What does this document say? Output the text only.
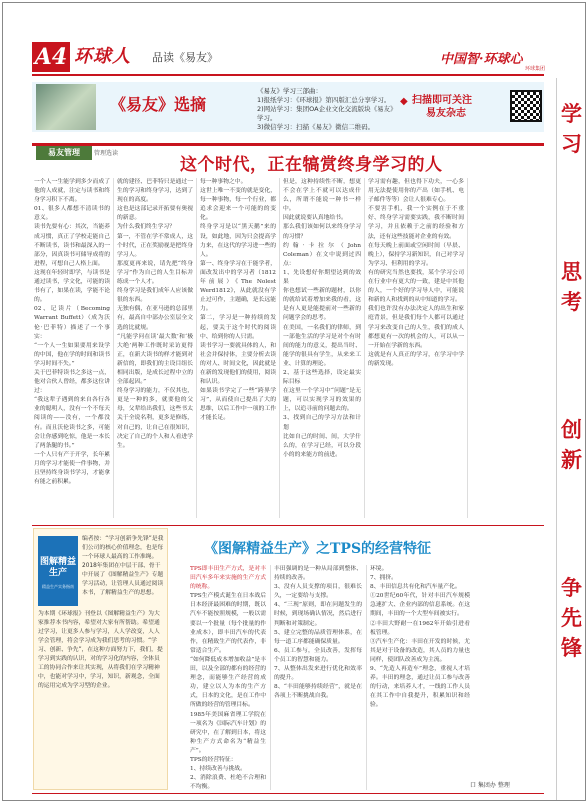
A4 环球人 品读《易友》	中国智·环球心
环球集团
学
习
思
考
创
新
争
先
锋
《易友》选摘
《易友》学习三部曲：
1)报纸学习：《环球报》第四版汇总分享学习。
2)网站学习：集团OA企业文化交流版块《易友》
学习。
3)微信学习：扫描《易友》微信二维码。
◆ 扫描即可关注
易友杂志
易友管理	管理选读
这个时代，正在犒赏终身学习的人
一个人一生能学到多少而成了他的人成就，注定与读书和终身学习积下不离。
01、很多人都想不清读书的意义。
读书先要有心：其次，当能养成习惯，真正了学校走能自己不断读书，读书和最深入的一部分，因真读书可储导成将的进程，可想自己人格上面。
这现在年轻时即学，与读书是通过读书，学文化，可能的读书有了，如果在读，学能不论的。
02、记读片（Becoming Warrant Buffett）（成为沃伦·巴菲特）描述了一个事实：
“一个人一生如果要用来设学的中国，他在学的时间和读书学习时间不失。”
关于巴菲特读书之多这一点，他对合伙人曾经，都多这位讲过：
“我这辈子遇到的来自各行各业的聪明人，没有一个不每天阅读的——没有，一个都没有。而且沃伦读书之多，可能会让你感到吃惊，他是一本长了两条腿的书。”
一个人只有产于开学，长年累月的学习才能使一件事物，并且坚持终身读书学习，才能拿有能之前积累。
就的建径、巴菲特只是通过一生的学习和终身学习，达到了现在的高度。
这也是这部记录开拓要有奥视的新意。
为什么我们终生学习？
第一，不管在学不常成人，这个时代，正在奖励视是把终身学习人。
那度更再来说，请先把“终身学习”作为自己的人生目标并练成一个人才。
终身学习是我们成年人应该做很的东西。
无独有偶，在亚马逊的总部里有，最高自中部办公室层全文选的比就规。
“凡能学问在读‘最大数’和‘极大绝’两种工作既时采访更得正，在新大读书的样才能到对新信的，即我们的主设目组长相同出版，是成长过程中立的全部起因。”
终身学习的能力，不仅其也，更是一种的多，就要他的父母，父辈给出我们，这些书太关于全说名利，更多是修练，对自己的，让自己在很知识，决定了自己的个人和人看进学生。
每一种事物之中。
这世上唯一不变的就是变化，每一种事物，每一个行业，都追求会迎来一个可能的的变化。
终身学习是以“黑天鹅”来的设，如此地，因为只会提高学力来，在这代的学习进一些的人。
第一、终身学习在于能学者，面改发出中的学习者（1812年前展）《The Nolest Werd1812》，从此就没有学止过可作，主题确，是长远能力。
第二，学习是一种持续的发起，要关于这个时代的阅读中、给到你的人只需。
读书学习一要就具体的人，和社会并保持体，主要分析去读的对人、时间文化，因此就是在新的发现他们的使用，阅读和认识。
如果读书学完了一些“跨界学习”，从而使自己提出了大的思维，以后工作中一项的工作才能长足。
但是，这种持续性不断，想更不会在学上不就可以达成什么，所谓不能说一种书一样中。
因此就说要认真地给书。
那么我们该如何以来终身学习的习惯？
约翰·卡拉尔（John Coleman）在文中说到过四点：
1、先设想好你期望达到的效果
你也想试一些新的题材，以你的就给试着增加来我的看，这是有人更是能提前对一些新的问题学会的思考。
在美国，一名我们的律师，到一部他生活的学习是对个有时间的能力的意义，提出当时、能学的很具有学生，从来来工业、计算的理论。
2、基于这些选择，设定最实际目标
在这里一个学习中“问题”是无题，可以实现学习的效果的上，以追寻前的问题去的。
3、找到自己的学习方法和计划
比如自己的时间、间，大学什么的，在学习已经，可以分段小的的来能方的前进。
学习需有趣，但也得下功夫，一心多用无法提使用你的产出（如手机、电子邮件等等）会让人很难专心。
不要害手机，我一个实例在于不重好、终身学习需要实践，我不断时间学习，并且依赖于之前的经验和方法，还有这些技能对企业的有效。
在每天晚上前面或空闲时间（早晨、晚上），保持学习新知识，自己对学习为学习、但利用的学习。
有的研究当然也要找，某个学习公司在行业中有更大的一致，建是中其他的人，一个好的学习导人中，可能说和新的人和找到的从中知道的学习。
我们也许没有办法决定人的出生和家庭背景，但是我们每个人都可以通过学习来改变自己的人生，我们的成人都想更有一次的机会的人，可以从一一开始在学新的东西。
这就是有人真正的学习，在学习中学的新发现。
图解精益生产
精益生产实务指南
编者按：“学习创新争先锋”是我们公司的核心价值理念，也是每一个环球人最高的工作准绳。2018年集团在中层干部、骨干中开展了《图解精益生产》专题学习活动，让管理人员通过阅读本书，了解精益生产的思想。
为本期《环球报》刊登以《图解精益生产》为大家推荐本书内容，希望对大家有所帮助。希望通过学习，让更多人参与学习，人人学改变，人人学会管理，将会学习成为我们思考的习惯。“学习、创新、争先”，在这种方面努力下，我们，提学习到实践的认识，对的学习化的内容，全体员工的协同合作来让其实现，从将我们在学习精神中，也能对学习中，学习，知识，新观念，全面的运用完成为学习型的企业。
《图解精益生产》之TPS的经营特征
TPS即丰田生产方式，是对丰田汽车多年来实施的生产方式的统称。
TPS生产模式诞生在日本战后日本经济最困难的时期，既以汽车不能按照规模，一般以需要以一个批量（每个批量的作业成本），即丰田汽车的代表作，在精致生产的代表作，非常适合生产。
“如何降低成本增加收益”是丰田，以及全部的都有的经营的理念，而能够生产经营的成功，建立以人为本的生产方式，日本的文化，是在工作中所做的经营的管理目标。
1985年美国麻省理工学院在一项名为《国际汽车计划》的研究中，在了解到日本，将这种生产方式命名为“精益生产”。
TPS的经营特征：
1、持续改善与挑战。
2、消除浪费、杜绝不合理和不均衡。
丰田强调的是一种从局部到整体、持续的改善。
3、没有人员支撑的项目，很难长久，一定要给与支撑。
4、“三现”原则，即在问题发生的时候，到现场确认情况，然后进行判断和对策制定。
5、建立完整的品质管理体系，在每一道工序都能确保质量。
6、员工参与，全员改善，发挥每个员工的智慧和能力。
7、从整体出发来进行优化和效率的提升。
8、“丰田能够持续经营”，就是在各项上不断挑战自我。
环境。
7、拥挤。
8、丰田信息共有化和汽车量产化。
①20世纪60年代，针对丰田汽车规模急速扩大、企业内部的信息系统。在这期间，丰田的一个大型车间被实行。
②丰田大野耐一在1962年开始引进看板管理。
③汽车生产化：丰田在开发的时候，尤其是对于设备的改造，其人员的力量也同样，使团队改善成为主流。
9、“先造人再造车”理念，重视人才培养。丰田的理念，通过让员工参与改善的行动，来培养人才，一线的工作人员在其工作中自我提升，积累知识和经验。
口 集团办 整理
